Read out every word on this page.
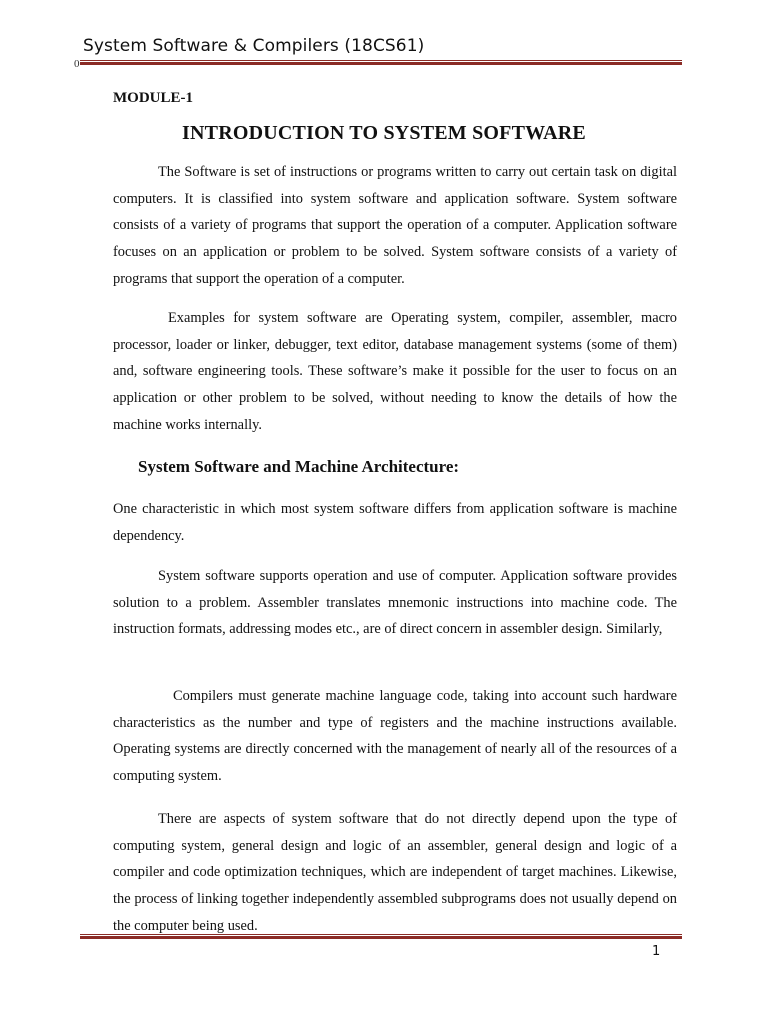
System Software & Compilers (18CS61)
0
MODULE-1
INTRODUCTION TO SYSTEM SOFTWARE

The Software is set of instructions or programs written to carry out certain task on digital computers. It is classified into system software and application software. System software consists of a variety of programs that support the operation of a computer. Application software focuses on an application or problem to be solved. System software consists of a variety of programs that support the operation of a computer.

Examples for system software are Operating system, compiler, assembler, macro processor, loader or linker, debugger, text editor, database management systems (some of them) and, software engineering tools. These software’s make it possible for the user to focus on an application or other problem to be solved, without needing to know the details of how the machine works internally.

System Software and Machine Architecture:

One characteristic in which most system software differs from application software is machine dependency.

System software supports operation and use of computer. Application software provides solution to a problem. Assembler translates mnemonic instructions into machine code. The instruction formats, addressing modes etc., are of direct concern in assembler design. Similarly,

Compilers must generate machine language code, taking into account such hardware characteristics as the number and type of registers and the machine instructions available. Operating systems are directly concerned with the management of nearly all of the resources of a computing system.

There are aspects of system software that do not directly depend upon the type of computing system, general design and logic of an assembler, general design and logic of a compiler and code optimization techniques, which are independent of target machines. Likewise, the process of linking together independently assembled subprograms does not usually depend on the computer being used.

1
